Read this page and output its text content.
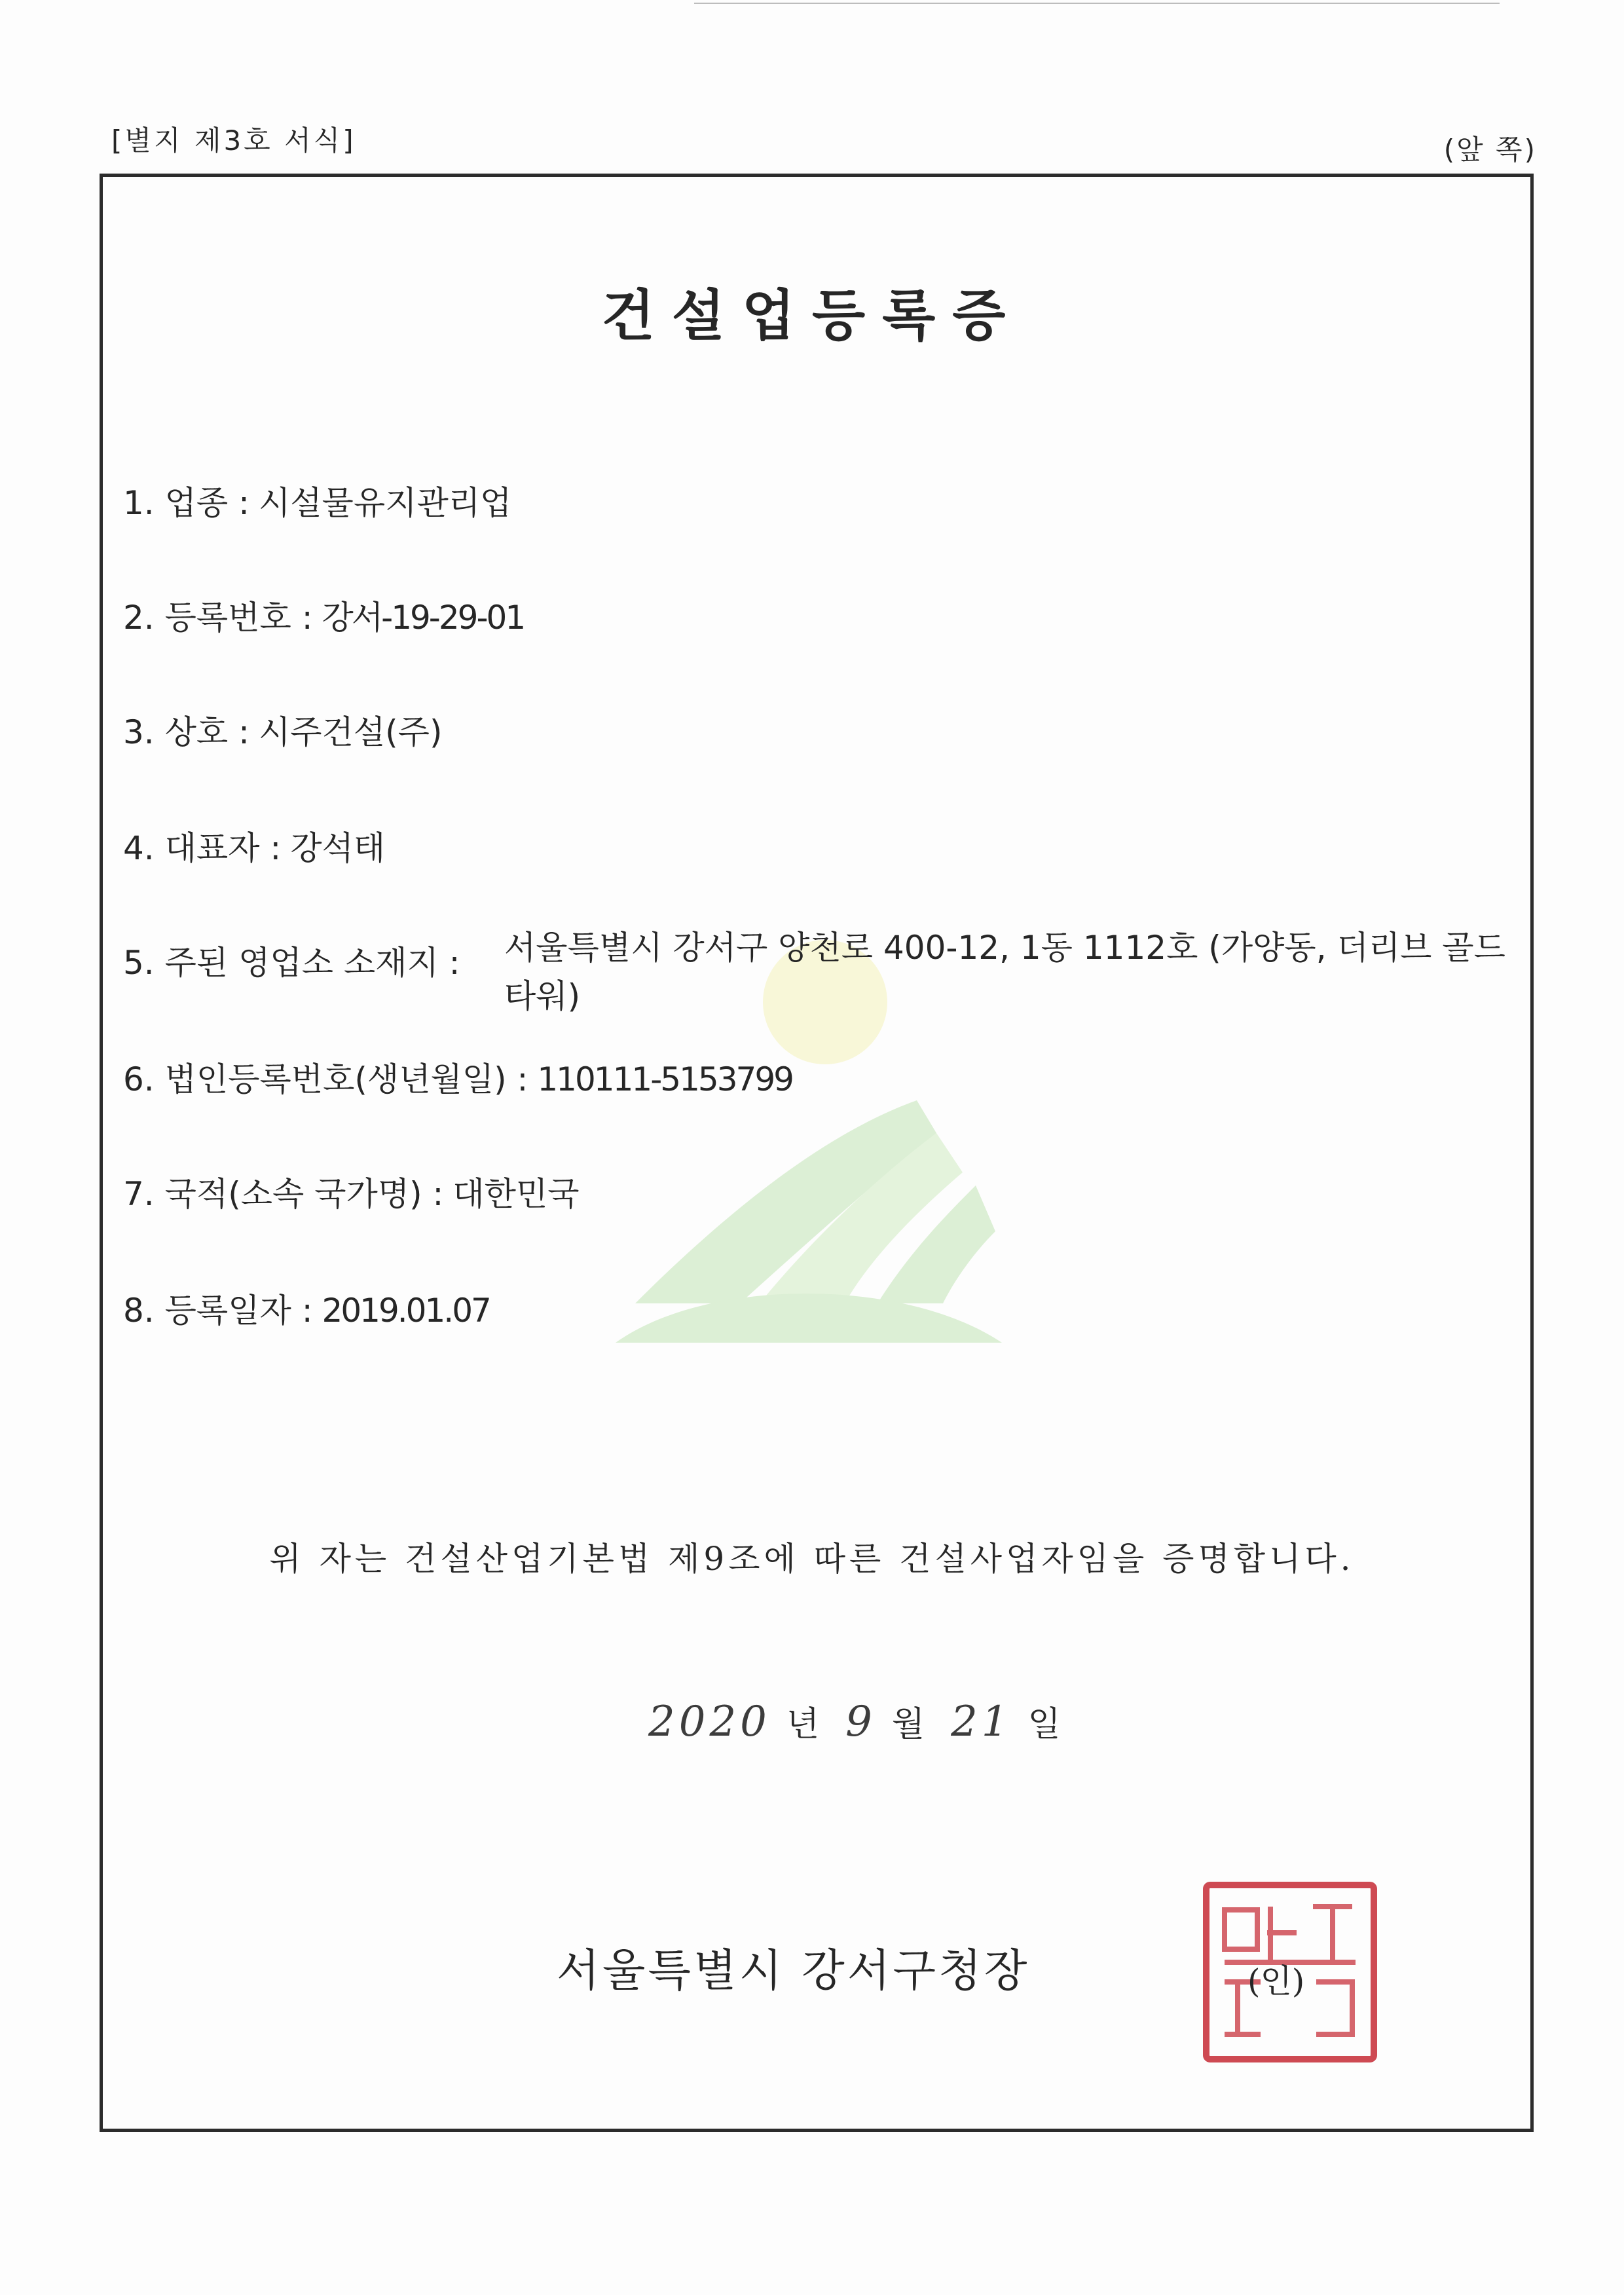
[별지 제3호 서식]	(앞 쪽)
건설업등록증
1. 업종 : 시설물유지관리업
2. 등록번호 : 강서-19-29-01
3. 상호 : 시주건설(주)
4. 대표자 : 강석태
5. 주된 영업소 소재지 : 서울특별시 강서구 양천로 400-12, 1동 1112호 (가양동, 더리브 골드타워)
6. 법인등록번호(생년월일) : 110111-5153799
7. 국적(소속 국가명) : 대한민국
8. 등록일자 : 2019.01.07
위 자는 건설산업기본법 제9조에 따른 건설사업자임을 증명합니다.
2020 년 9 월 21 일
서울특별시 강서구청장	(인)
